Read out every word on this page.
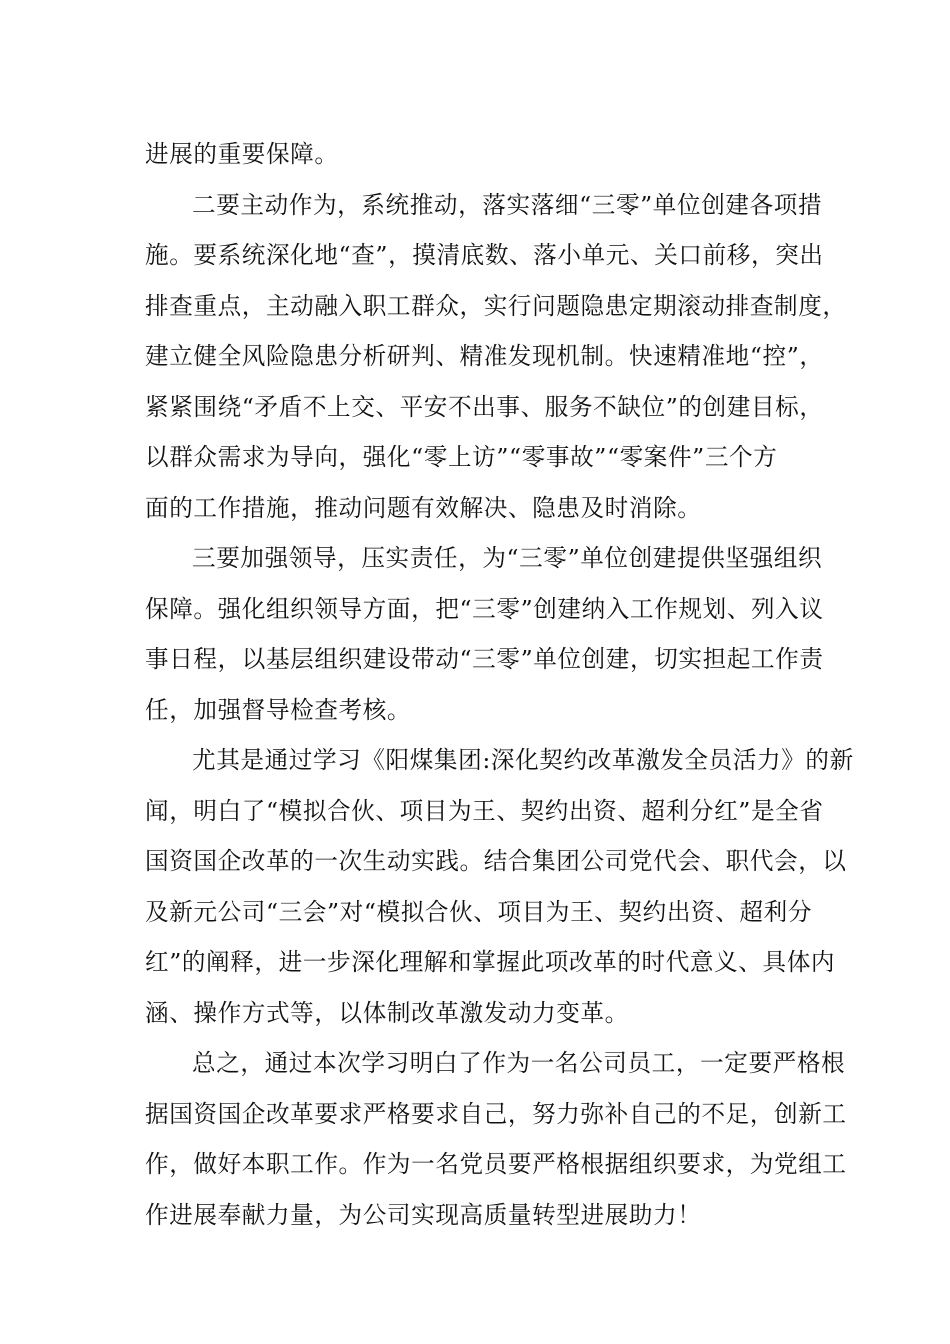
进展的重要保障。
二要主动作为，系统推动，落实落细“三零”单位创建各项措
施。要系统深化地“查”，摸清底数、落小单元、关口前移，突出
排查重点，主动融入职工群众，实行问题隐患定期滚动排查制度，
建立健全风险隐患分析研判、精准发现机制。快速精准地“控”，
紧紧围绕“矛盾不上交、平安不出事、服务不缺位”的创建目标，
以群众需求为导向，强化“零上访”“零事故”“零案件”三个方
面的工作措施，推动问题有效解决、隐患及时消除。
三要加强领导，压实责任，为“三零”单位创建提供坚强组织
保障。强化组织领导方面，把“三零”创建纳入工作规划、列入议
事日程，以基层组织建设带动“三零”单位创建，切实担起工作责
任，加强督导检查考核。
尤其是通过学习《阳煤集团:深化契约改革激发全员活力》的新
闻，明白了“模拟合伙、项目为王、契约出资、超利分红”是全省
国资国企改革的一次生动实践。结合集团公司党代会、职代会，以
及新元公司“三会”对“模拟合伙、项目为王、契约出资、超利分
红”的阐释，进一步深化理解和掌握此项改革的时代意义、具体内
涵、操作方式等，以体制改革激发动力变革。
总之，通过本次学习明白了作为一名公司员工，一定要严格根
据国资国企改革要求严格要求自己，努力弥补自己的不足，创新工
作，做好本职工作。作为一名党员要严格根据组织要求，为党组工
作进展奉献力量，为公司实现高质量转型进展助力！
